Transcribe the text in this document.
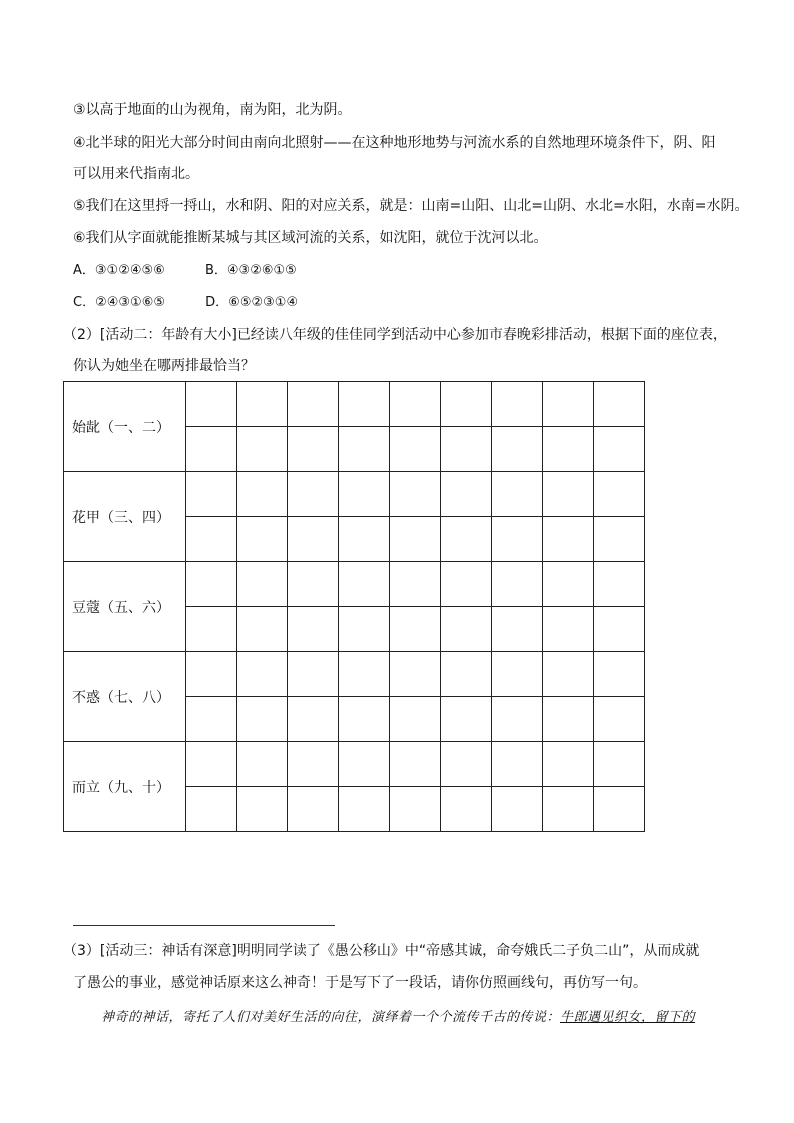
③以高于地面的山为视角，南为阳，北为阴。
④北半球的阳光大部分时间由南向北照射——在这种地形地势与河流水系的自然地理环境条件下，阴、阳
可以用来代指南北。
⑤我们在这里捋一捋山，水和阴、阳的对应关系，就是：山南=山阳、山北=山阴、水北=水阳，水南=水阴。
⑥我们从字面就能推断某城与其区域河流的关系，如沈阳，就位于沈河以北。
A．③①②④⑤⑥	B．④③②⑥①⑤
C．②④③①⑥⑤	D．⑥⑤②③①④
（2）[活动二：年龄有大小]已经读八年级的佳佳同学到活动中心参加市春晚彩排活动，根据下面的座位表，
你认为她坐在哪两排最恰当？
始龀（一、二）									

花甲（三、四）									

豆蔻（五、六）									

不惑（七、八）									

而立（九、十）									

（3）[活动三：神话有深意]明明同学读了《愚公移山》中“帝感其诚，命夸娥氏二子负二山”，从而成就
了愚公的事业，感觉神话原来这么神奇！于是写下了一段话，请你仿照画线句，再仿写一句。
神奇的神话，寄托了人们对美好生活的向往，演绎着一个个流传千古的传说：牛郎遇见织女，留下的
